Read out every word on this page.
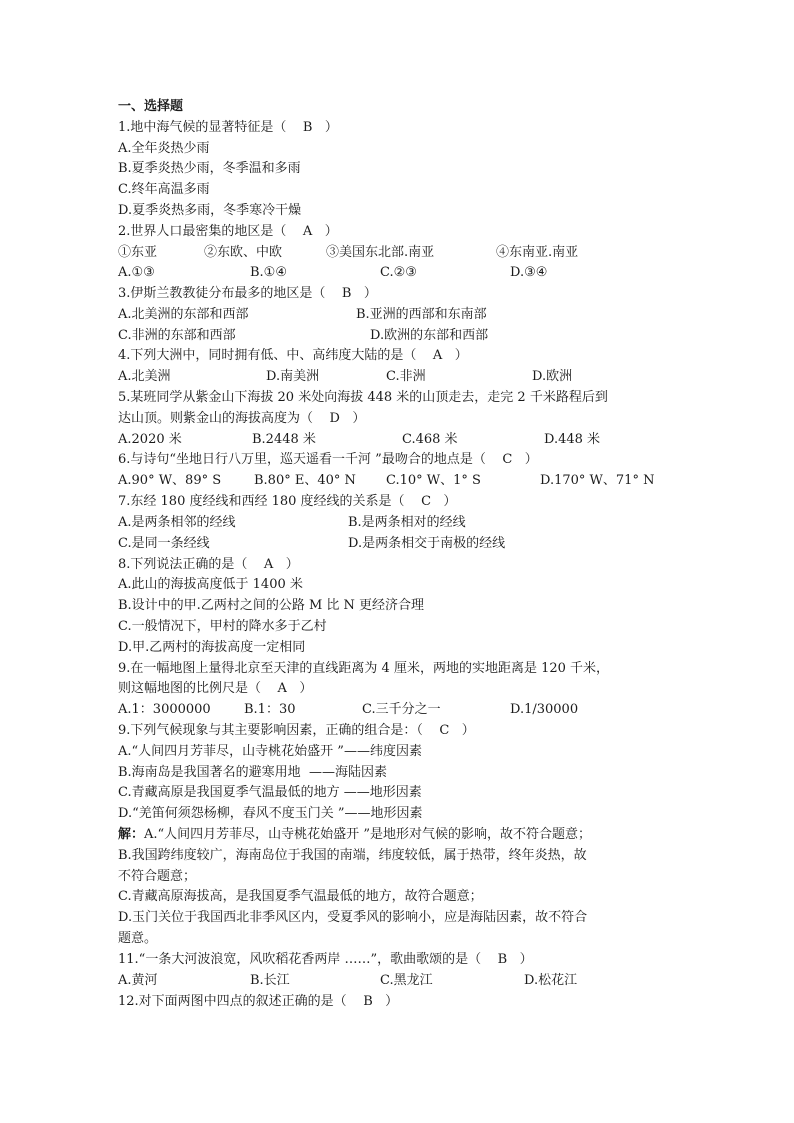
一、选择题
1.地中海气候的显著特征是（    B   ）
A.全年炎热少雨
B.夏季炎热少雨，冬季温和多雨
C.终年高温多雨
D.夏季炎热多雨，冬季寒冷干燥
2.世界人口最密集的地区是（    A   ）

①东亚

	②东欧、中欧

	③美国东北部.南亚

	④东南亚.南亚

A.①③

	B.①④

	C.②③

	D.③④

3.伊斯兰教教徒分布最多的地区是（    B   ）

A.北美洲的东部和西部

	B.亚洲的西部和东南部

C.非洲的东部和西部

	D.欧洲的东部和西部

4.下列大洲中，同时拥有低、中、高纬度大陆的是（    A   ）

A.北美洲

	D.南美洲

	C.非洲

	D.欧洲

5.某班同学从紫金山下海拔 20 米处向海拔 448 米的山顶走去，走完 2 千米路程后到
达山顶。则紫金山的海拔高度为（    D   ）

A.2020 米

	B.2448 米

	C.468 米

	D.448 米

6.与诗句“坐地日行八万里，巡天遥看一千河 ”最吻合的地点是（    C   ）

A.90° W、89° S

	B.80° E、40° N

C.10° W、1° S

	D.170° W、71° N

7.东经 180 度经线和西经 180 度经线的关系是（    C   ）

A.是两条相邻的经线

	B.是两条相对的经线

C.是同一条经线

	D.是两条相交于南极的经线

8.下列说法正确的是（    A   ）
A.此山的海拔高度低于 1400 米
B.设计中的甲.乙两村之间的公路 M 比 N 更经济合理
C.一般情况下，甲村的降水多于乙村
D.甲.乙两村的海拔高度一定相同
9.在一幅地图上量得北京至天津的直线距离为 4 厘米，两地的实地距离是 120 千米，
则这幅地图的比例尺是（    A   ）

A.1：3000000

	B.1：30

	C.三千分之一

	D.1/30000

9.下列气候现象与其主要影响因素，正确的组合是：（    C   ）
A.“人间四月芳菲尽，山寺桃花始盛开 ”——纬度因素
B.海南岛是我国著名的避寒用地  ——海陆因素
C.青藏高原是我国夏季气温最低的地方 ——地形因素
D.“羌笛何须怨杨柳，春风不度玉门关 ”——地形因素
解：A.“人间四月芳菲尽，山寺桃花始盛开 ”是地形对气候的影响，故不符合题意；
B.我国跨纬度较广，海南岛位于我国的南端，纬度较低，属于热带，终年炎热，故
不符合题意；
C.青藏高原海拔高，是我国夏季气温最低的地方，故符合题意；
D.玉门关位于我国西北非季风区内，受夏季风的影响小，应是海陆因素，故不符合
题意。
11.“一条大河波浪宽，风吹稻花香两岸 ……”，歌曲歌颂的是（    B   ）

A.黄河

	B.长江

	C.黑龙江

	D.松花江

12.对下面两图中四点的叙述正确的是（    B   ）
